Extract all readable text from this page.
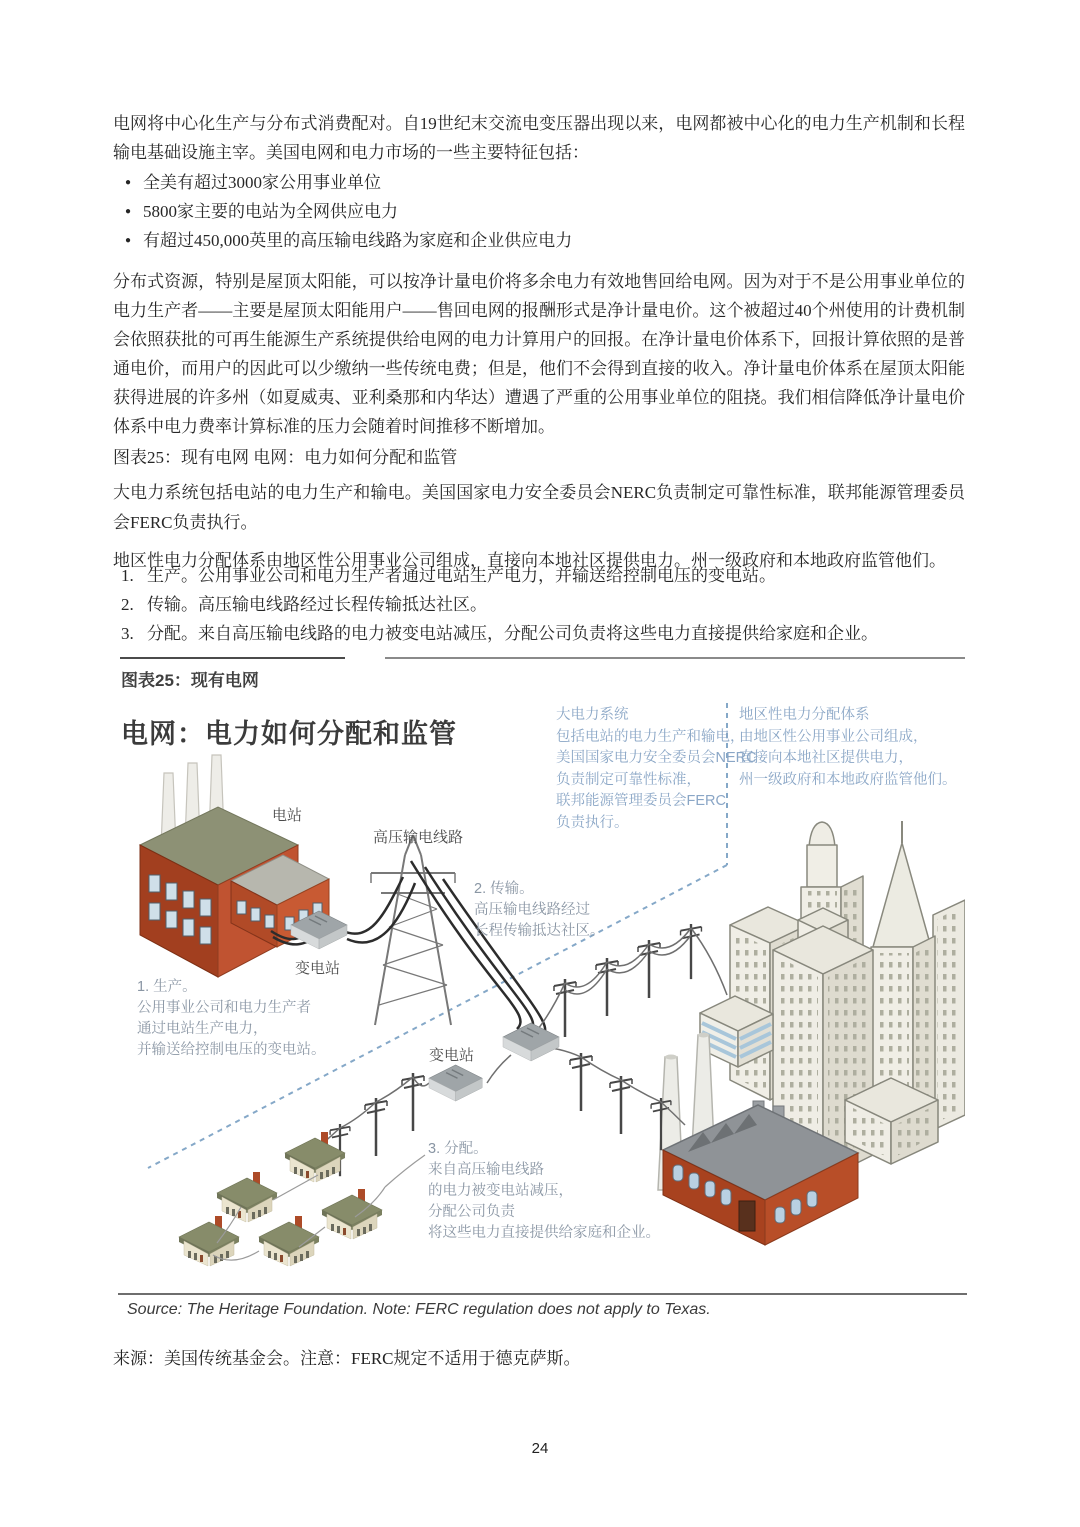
电网将中心化生产与分布式消费配对。自19世纪末交流电变压器出现以来，电网都被中心化的电力生产机制和长程输电基础设施主宰。美国电网和电力市场的一些主要特征包括：

● 全美有超过3000家公用事业单位
● 5800家主要的电站为全网供应电力
● 有超过450,000英里的高压输电线路为家庭和企业供应电力

分布式资源，特别是屋顶太阳能，可以按净计量电价将多余电力有效地售回给电网。因为对于不是公用事业单位的电力生产者——主要是屋顶太阳能用户——售回电网的报酬形式是净计量电价。这个被超过40个州使用的计费机制会依照获批的可再生能源生产系统提供给电网的电力计算用户的回报。在净计量电价体系下，回报计算依照的是普通电价，而用户的因此可以少缴纳一些传统电费；但是，他们不会得到直接的收入。净计量电价体系在屋顶太阳能获得进展的许多州（如夏威夷、亚利桑那和内华达）遭遇了严重的公用事业单位的阻挠。我们相信降低净计量电价体系中电力费率计算标准的压力会随着时间推移不断增加。

图表25：现有电网 电网：电力如何分配和监管

大电力系统包括电站的电力生产和输电。美国国家电力安全委员会NERC负责制定可靠性标准，联邦能源管理委员会FERC负责执行。

地区性电力分配体系由地区性公用事业公司组成，直接向本地社区提供电力。州一级政府和本地政府监管他们。

1. 生产。公用事业公司和电力生产者通过电站生产电力，并输送给控制电压的变电站。
2. 传输。高压输电线路经过长程传输抵达社区。
3. 分配。来自高压输电线路的电力被变电站减压，分配公司负责将这些电力直接提供给家庭和企业。
图表25：现有电网
电网：电力如何分配和监管
大电力系统
包括电站的电力生产和输电，
美国国家电力安全委员会NERC
负责制定可靠性标准，
联邦能源管理委员会FERC
负责执行。
地区性电力分配体系
由地区性公用事业公司组成，
直接向本地社区提供电力，
州一级政府和本地政府监管他们。
电站
高压输电线路
变电站
变电站
1. 生产。
公用事业公司和电力生产者
通过电站生产电力，
并输送给控制电压的变电站。
2. 传输。
高压输电线路经过
长程传输抵达社区。
3. 分配。
来自高压输电线路
的电力被变电站减压，
分配公司负责
将这些电力直接提供给家庭和企业。
Source: The Heritage Foundation. Note: FERC regulation does not apply to Texas.
来源：美国传统基金会。注意：FERC规定不适用于德克萨斯。
24
